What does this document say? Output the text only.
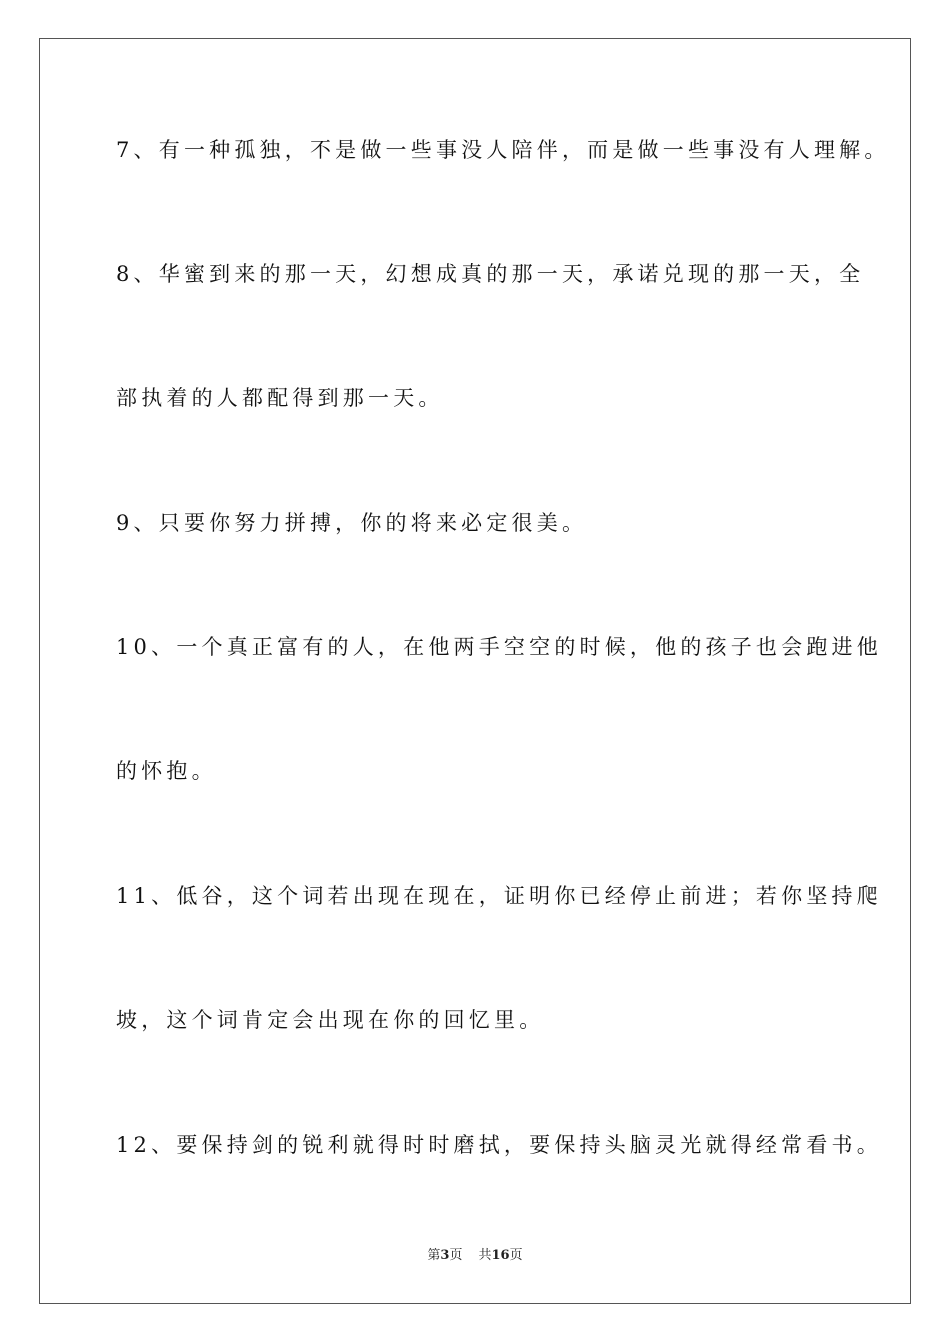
7、有一种孤独，不是做一些事没人陪伴，而是做一些事没有人理解。
8、华蜜到来的那一天，幻想成真的那一天，承诺兑现的那一天，全
部执着的人都配得到那一天。
9、只要你努力拼搏，你的将来必定很美。
10、一个真正富有的人，在他两手空空的时候，他的孩子也会跑进他
的怀抱。
11、低谷，这个词若出现在现在，证明你已经停止前进；若你坚持爬
坡，这个词肯定会出现在你的回忆里。
12、要保持剑的锐利就得时时磨拭，要保持头脑灵光就得经常看书。
第3页 共16页
